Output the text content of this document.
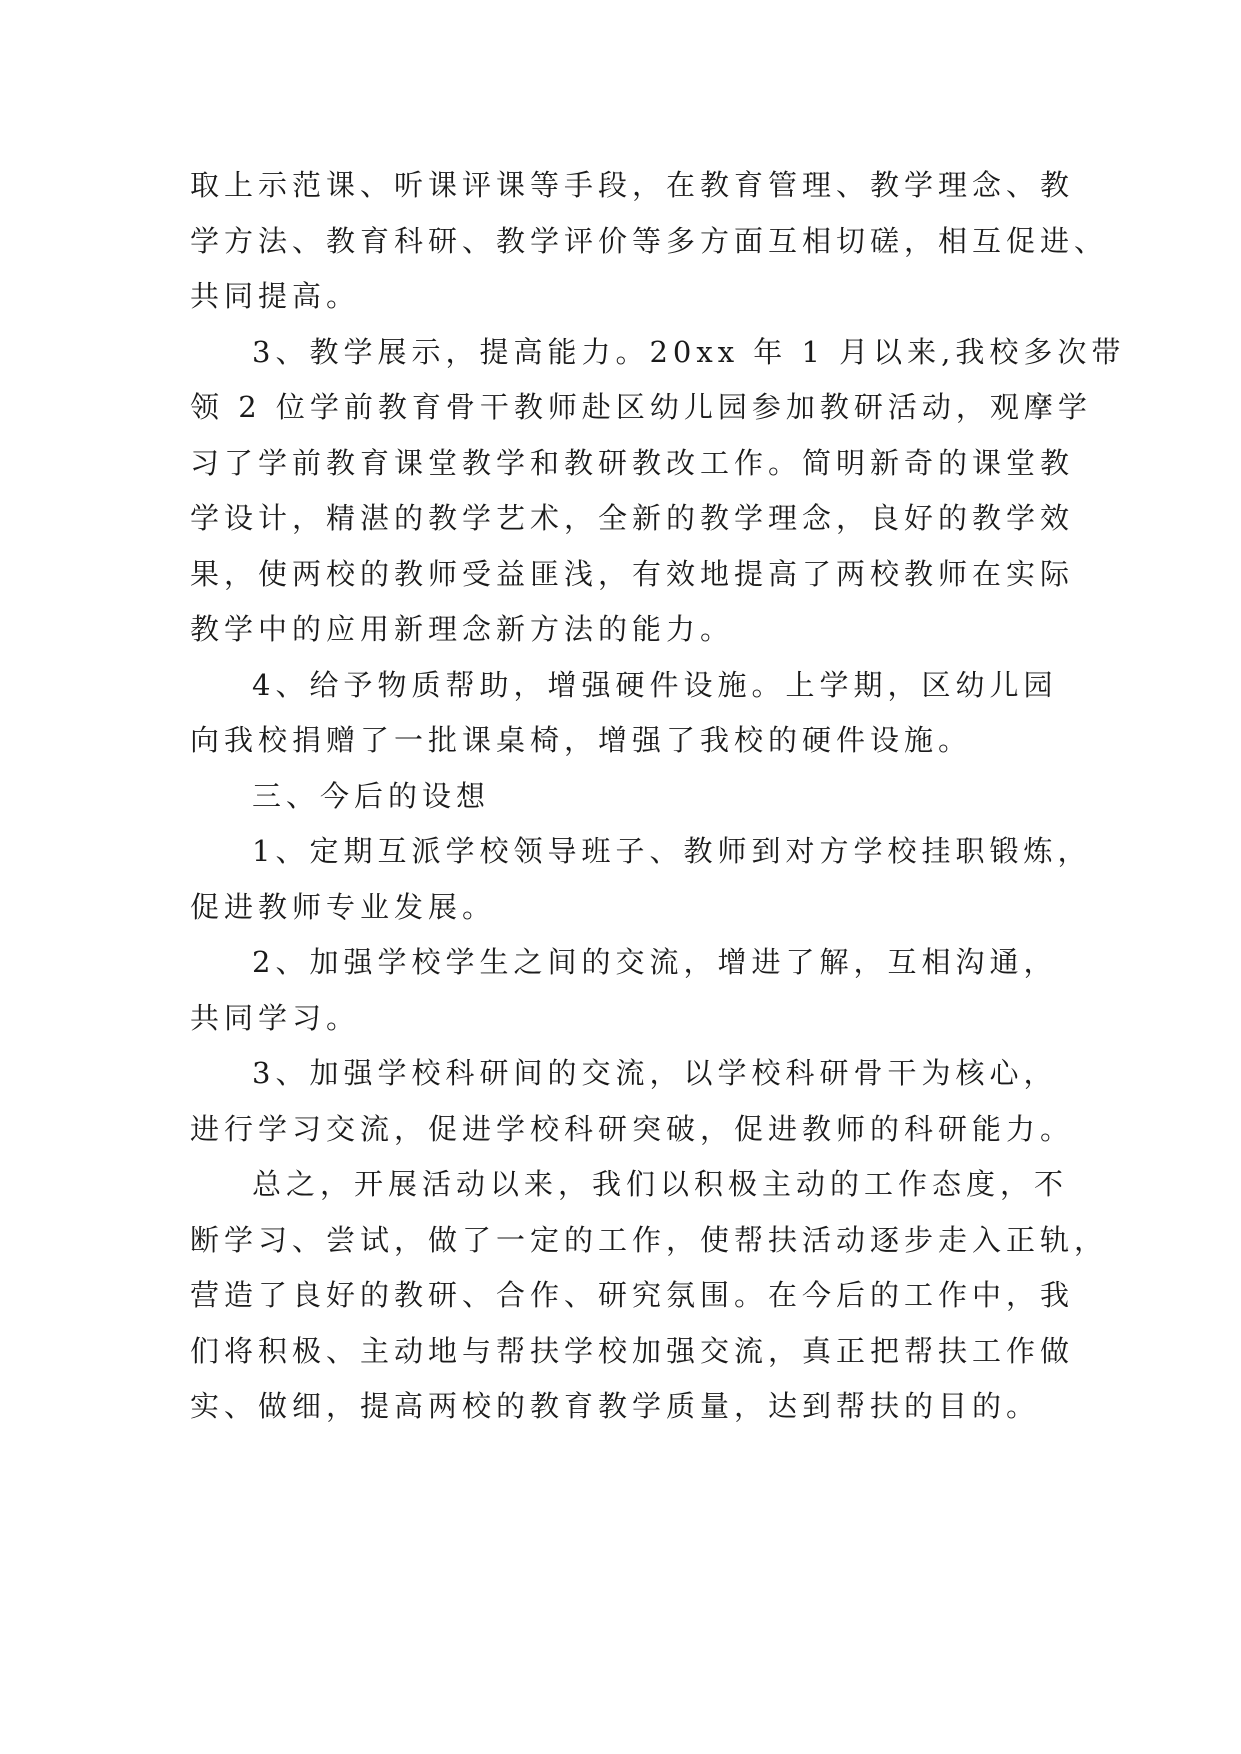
取上示范课、听课评课等手段，在教育管理、教学理念、教
学方法、教育科研、教学评价等多方面互相切磋，相互促进、
共同提高。
3、教学展示，提高能力。20xx 年 1 月以来,我校多次带
领 2 位学前教育骨干教师赴区幼儿园参加教研活动，观摩学
习了学前教育课堂教学和教研教改工作。简明新奇的课堂教
学设计，精湛的教学艺术，全新的教学理念，良好的教学效
果，使两校的教师受益匪浅，有效地提高了两校教师在实际
教学中的应用新理念新方法的能力。
4、给予物质帮助，增强硬件设施。上学期，区幼儿园
向我校捐赠了一批课桌椅，增强了我校的硬件设施。
三、今后的设想
1、定期互派学校领导班子、教师到对方学校挂职锻炼，
促进教师专业发展。
2、加强学校学生之间的交流，增进了解，互相沟通，
共同学习。
3、加强学校科研间的交流，以学校科研骨干为核心，
进行学习交流，促进学校科研突破，促进教师的科研能力。
总之，开展活动以来，我们以积极主动的工作态度，不
断学习、尝试，做了一定的工作，使帮扶活动逐步走入正轨，
营造了良好的教研、合作、研究氛围。在今后的工作中，我
们将积极、主动地与帮扶学校加强交流，真正把帮扶工作做
实、做细，提高两校的教育教学质量，达到帮扶的目的。
